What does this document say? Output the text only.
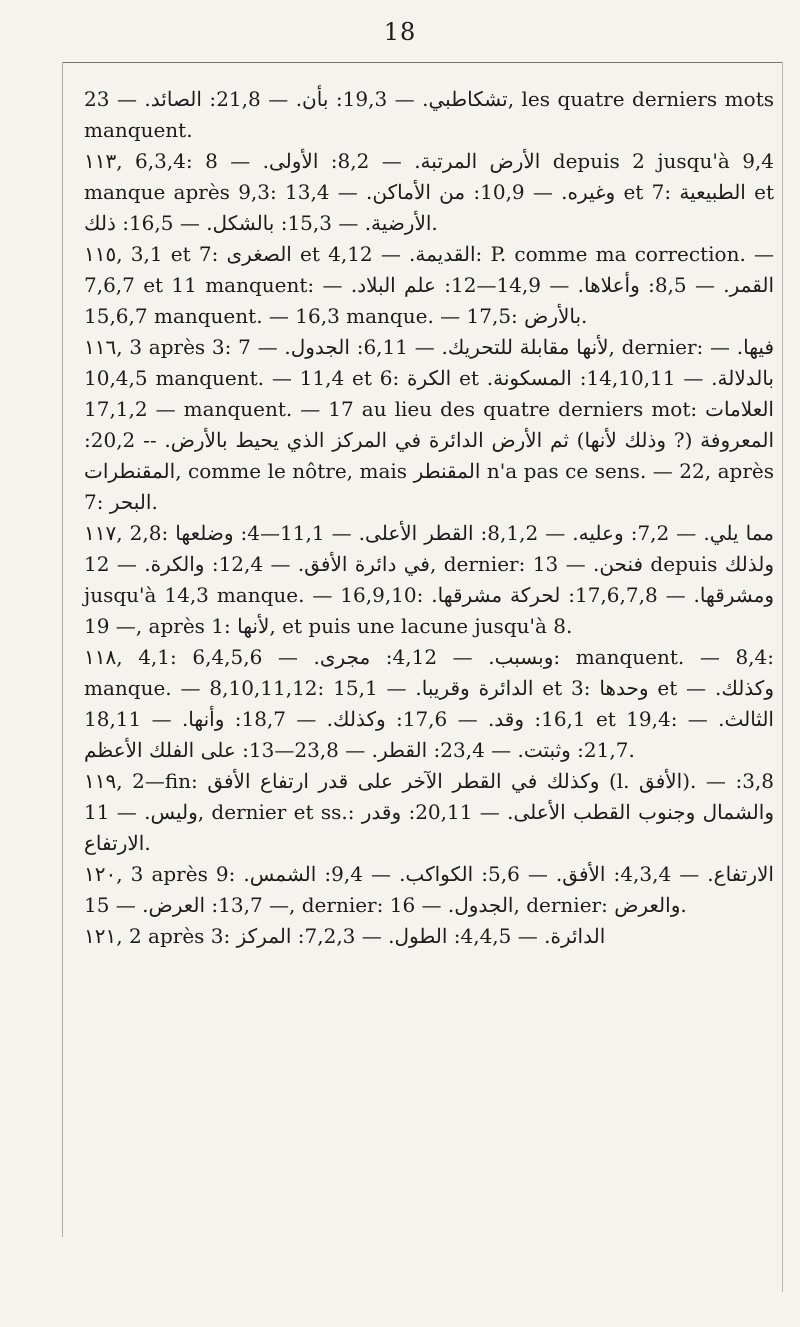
18

تشكاطبي. — 19,3: بأن. — 21,8: الصائد. — 23, les quatre derniers mots manquent.

١١٣, 6,3,4: الأرض المرتبة. — 8,2: الأولى. — 8 depuis 2 jusqu'à 9,4 manque après 9,3: وغيره. — 10,9: من الأماكن. — 13,4 et 7: الطبيعية et الأرضية. — 15,3: بالشكل. — 16,5: ذلك.

١١٥, 3,1 et 7: الصغرى et القديمة. — 4,12: P. comme ma correction. — 7,6,7 et 11 manquent: القمر. — 8,5: وأعلاها. — 14,9—12: علم البلاد. — 15,6,7 manquent. — 16,3 manque. — 17,5: بالأرض.

١١٦, 3 après 3: لأنها مقابلة للتحريك. — 6,11: الجدول. — 7, dernier: فيها. — 10,4,5 manquent. — 11,4 et 6: الكرة et بالدلالة. — 14,10,11: المسكونة. — 17,1,2 manquent. — 17 au lieu des quatre derniers mot: العلامات المعروفة (? وذلك لأنها) ثم الأرض الدائرة في المركز الذي يحيط بالأرض. -- 20,2: المقنطرات, comme le nôtre, mais المقنطر n'a pas ce sens. — 22, après 7: البحر.

١١٧, 2,8: مما يلي. — 7,2: وعليه. — 8,1,2: القطر الأعلى. — 11,1—4: وضلعها في دائرة الأفق. — 12,4: والكرة. — 12, dernier: فنحن. — 13 depuis ولذلك jusqu'à 14,3 manque. — 16,9,10: ومشرقها. — 17,6,7,8: لحركة مشرقها. — 19, après 1: لأنها, et puis une lacune jusqu'à 8.

١١٨, 4,1: وبسبب. — 4,12: مجرى. — 6,4,5,6: manquent. — 8,4: manque. — 8,10,11,12: الدائرة وقريبا. — 15,1 et 3: وحدها et وكذلك. — 16,1: وقد. — 17,6: وكذلك. — 18,7: وأنها. — 18,11 et 19,4: الثالث. — 21,7: وثبتت. — 23,4: القطر. — 23,8—13: على الفلك الأعظم.

١١٩, 2—fin: وكذلك في القطر الآخر على قدر ارتفاع الأفق (l. الأفق). — 3,8: وليس. — 11, dernier et ss.: والشمال وجنوب القطب الأعلى. — 20,11: وقدر الارتفاع.

١٢٠, 3 après 9: الارتفاع. — 4,3,4: الأفق. — 5,6: الكواكب. — 9,4: الشمس. — 13,7: العرض. — 15, dernier: الجدول. — 16, dernier: والعرض.

١٢١, 2 après 3: الدائرة. — 4,4,5: الطول. — 7,2,3: المركز
